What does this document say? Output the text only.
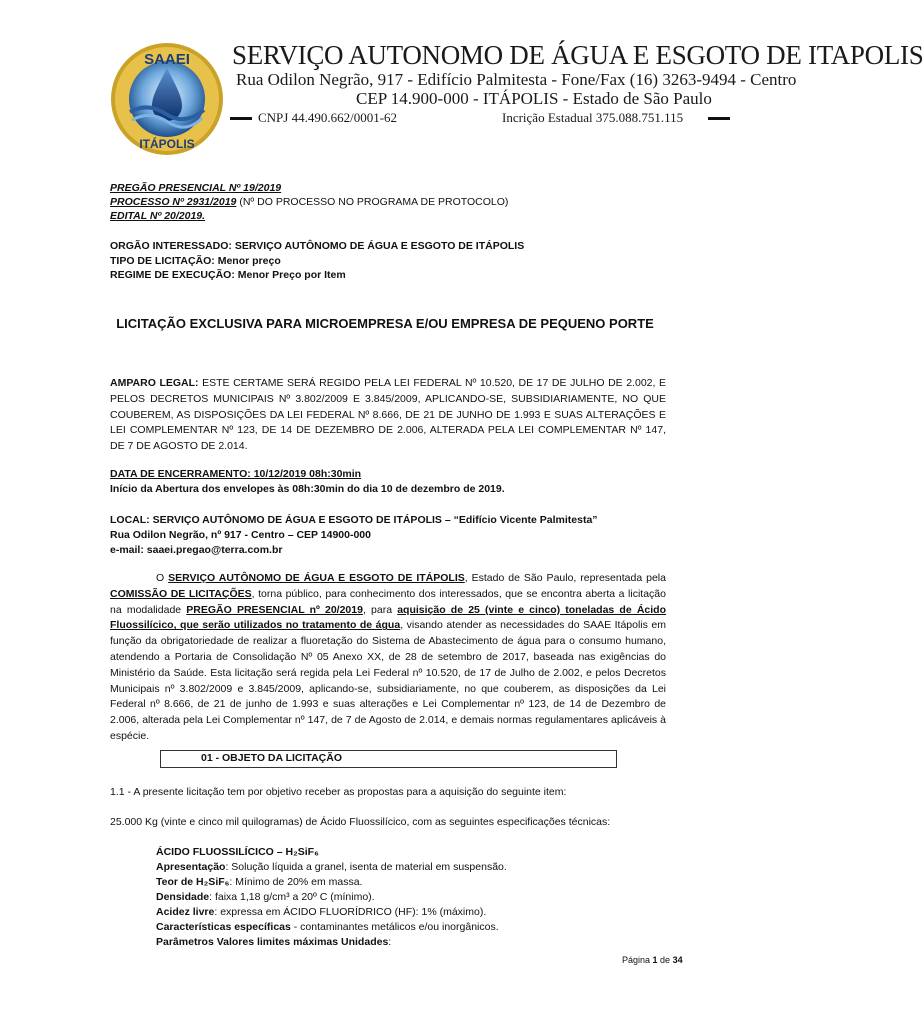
SAAEI
ITÁPOLIS
SERVIÇO AUTONOMO DE ÁGUA E ESGOTO DE ITAPOLIS
Rua Odilon Negrão, 917 - Edifício Palmitesta - Fone/Fax (16) 3263-9494 - Centro
CEP 14.900-000 - ITÁPOLIS - Estado de São Paulo
CNPJ 44.490.662/0001-62	Incrição Estadual 375.088.751.115
PREGÃO PRESENCIAL Nº 19/2019
PROCESSO Nº 2931/2019 (Nº DO PROCESSO NO PROGRAMA DE PROTOCOLO)
EDITAL Nº 20/2019.
ORGÃO INTERESSADO: SERVIÇO AUTÔNOMO DE ÁGUA E ESGOTO DE ITÁPOLIS
TIPO DE LICITAÇÃO: Menor preço
REGIME DE EXECUÇÃO: Menor Preço por Item
LICITAÇÃO EXCLUSIVA PARA MICROEMPRESA E/OU EMPRESA DE PEQUENO PORTE
AMPARO LEGAL: ESTE CERTAME SERÁ REGIDO PELA LEI FEDERAL Nº 10.520, DE 17 DE JULHO DE 2.002, E PELOS DECRETOS MUNICIPAIS Nº 3.802/2009 E 3.845/2009, APLICANDO-SE, SUBSIDIARIAMENTE, NO QUE COUBEREM, AS DISPOSIÇÕES DA LEI FEDERAL Nº 8.666, DE 21 DE JUNHO DE 1.993 E SUAS ALTERAÇÕES E LEI COMPLEMENTAR Nº 123, DE 14 DE DEZEMBRO DE 2.006, ALTERADA PELA LEI COMPLEMENTAR Nº 147, DE 7 DE AGOSTO DE 2.014.
DATA DE ENCERRAMENTO: 10/12/2019 08h:30min
Início da Abertura dos envelopes às 08h:30min do dia 10 de dezembro de 2019.
LOCAL: SERVIÇO AUTÔNOMO DE ÁGUA E ESGOTO DE ITÁPOLIS – “Edifício Vicente Palmitesta”
Rua Odilon Negrão, nº 917 - Centro – CEP 14900-000
e-mail: saaei.pregao@terra.com.br
O SERVIÇO AUTÔNOMO DE ÁGUA E ESGOTO DE ITÁPOLIS, Estado de São Paulo, representada pela COMISSÃO DE LICITAÇÕES, torna público, para conhecimento dos interessados, que se encontra aberta a licitação na modalidade PREGÃO PRESENCIAL nº 20/2019, para aquisição de 25 (vinte e cinco) toneladas de Ácido Fluossilícico, que serão utilizados no tratamento de água, visando atender as necessidades do SAAE Itápolis em função da obrigatoriedade de realizar a fluoretação do Sistema de Abastecimento de água para o consumo humano, atendendo a Portaria de Consolidação Nº 05 Anexo XX, de 28 de setembro de 2017, baseada nas exigências do Ministério da Saúde. Esta licitação será regida pela Lei Federal nº 10.520, de 17 de Julho de 2.002, e pelos Decretos Municipais nº 3.802/2009 e 3.845/2009, aplicando-se, subsidiariamente, no que couberem, as disposições da Lei Federal nº 8.666, de 21 de junho de 1.993 e suas alterações e Lei Complementar nº 123, de 14 de Dezembro de 2.006, alterada pela Lei Complementar nº 147, de 7 de Agosto de 2.014, e demais normas regulamentares aplicáveis à espécie.
01 - OBJETO DA LICITAÇÃO
1.1 - A presente licitação tem por objetivo receber as propostas para a aquisição do seguinte item:
25.000 Kg (vinte e cinco mil quilogramas) de Ácido Fluossilícico, com as seguintes especificações técnicas:
ÁCIDO FLUOSSILÍCICO – H₂SiF₆
Apresentação: Solução líquida a granel, isenta de material em suspensão.
Teor de H₂SiF₆: Mínimo de 20% em massa.
Densidade: faixa 1,18 g/cm³ a 20º C (mínimo).
Acidez livre: expressa em ÁCIDO FLUORÍDRICO (HF): 1% (máximo).
Características específicas - contaminantes metálicos e/ou inorgânicos.
Parâmetros Valores limites máximas Unidades:
Página 1 de 34
